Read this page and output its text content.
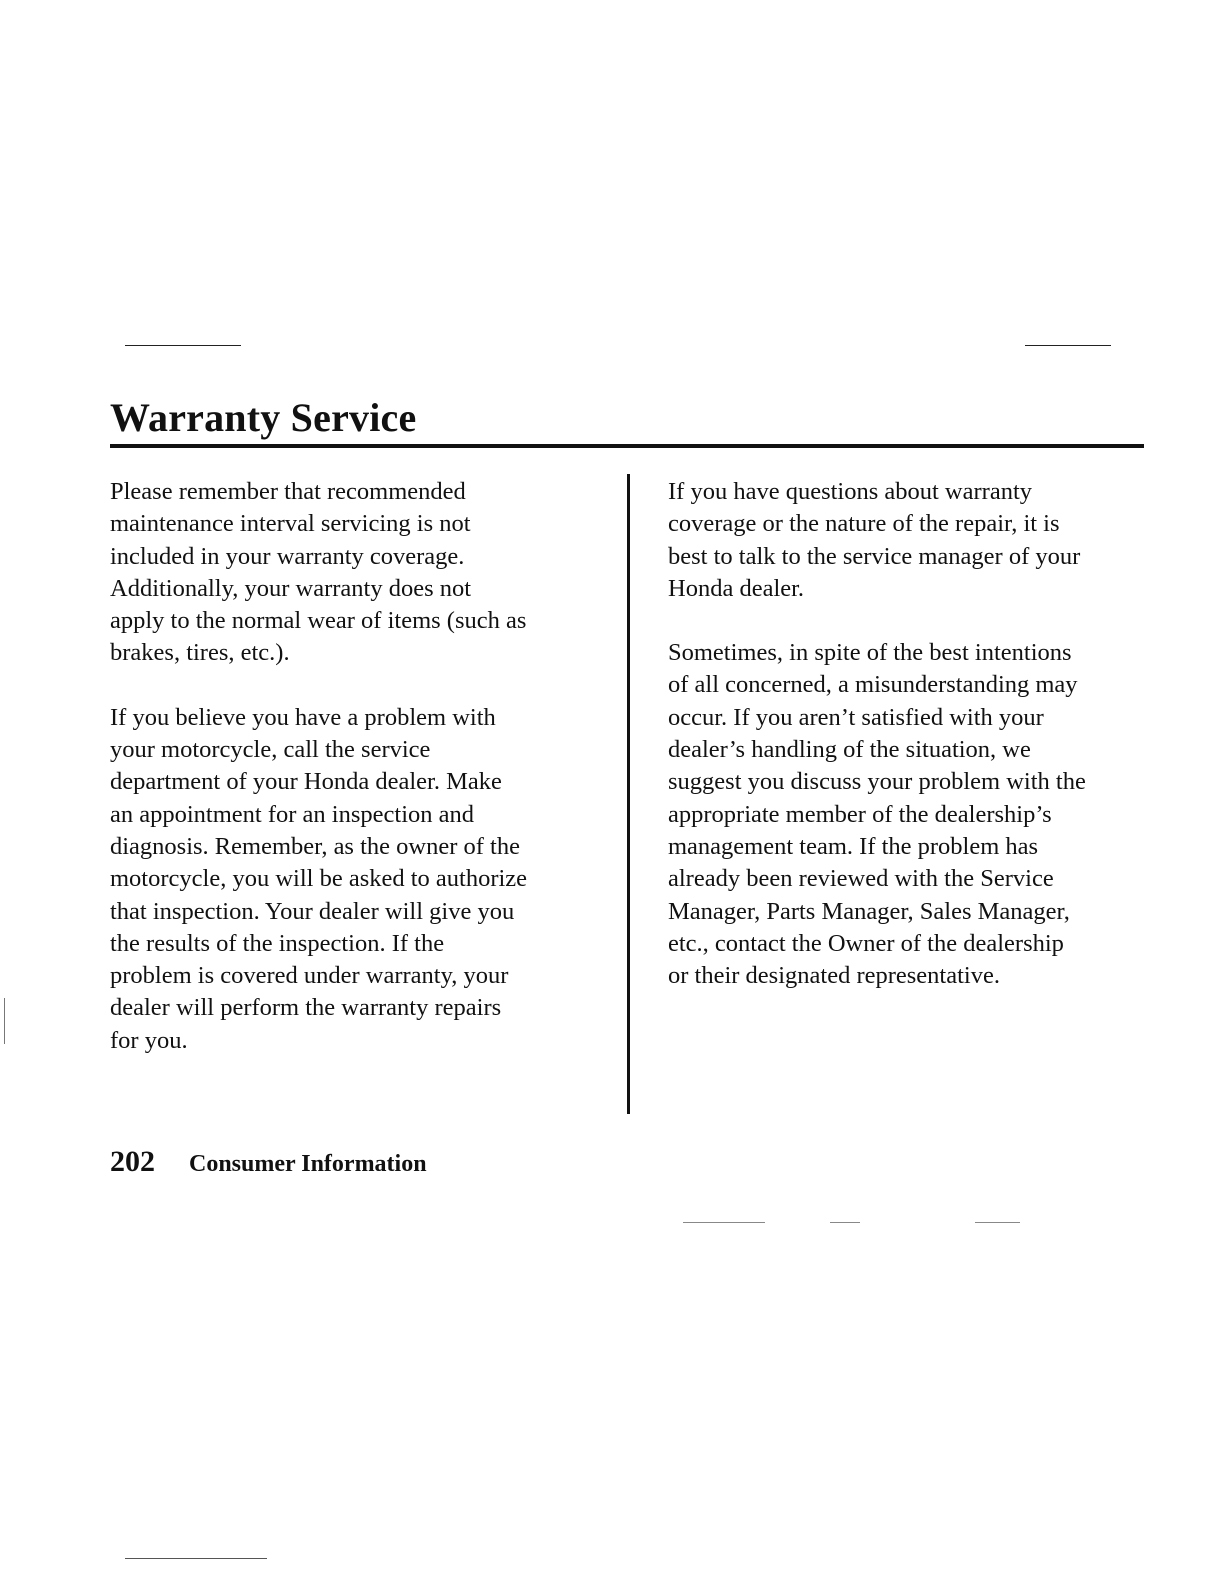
Warranty Service

Please remember that recommended
maintenance interval servicing is not
included in your warranty coverage.
Additionally, your warranty does not
apply to the normal wear of items (such as
brakes, tires, etc.).

If you believe you have a problem with
your motorcycle, call the service
department of your Honda dealer. Make
an appointment for an inspection and
diagnosis. Remember, as the owner of the
motorcycle, you will be asked to authorize
that inspection. Your dealer will give you
the results of the inspection. If the
problem is covered under warranty, your
dealer will perform the warranty repairs
for you.

If you have questions about warranty
coverage or the nature of the repair, it is
best to talk to the service manager of your
Honda dealer.

Sometimes, in spite of the best intentions
of all concerned, a misunderstanding may
occur. If you aren’t satisfied with your
dealer’s handling of the situation, we
suggest you discuss your problem with the
appropriate member of the dealership’s
management team. If the problem has
already been reviewed with the Service
Manager, Parts Manager, Sales Manager,
etc., contact the Owner of the dealership
or their designated representative.

202 Consumer Information
